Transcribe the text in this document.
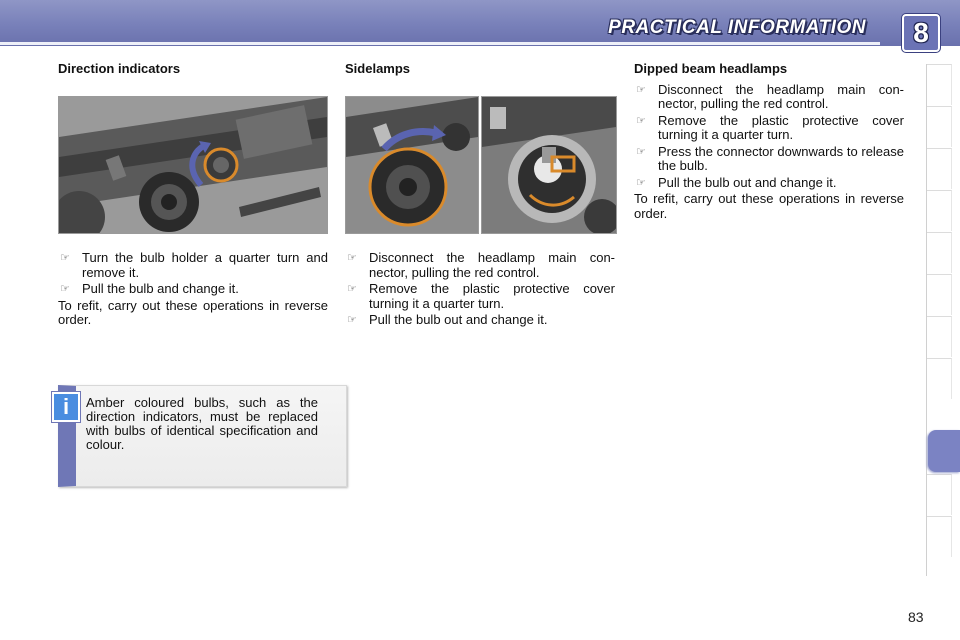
PRACTICAL INFORMATION	8
Direction indicators

☞ Turn the bulb holder a quarter turn and remove it.

☞ Pull the bulb and change it.

To refit, carry out these operations in reverse order.

i	Amber coloured bulbs, such as the direction indicators, must be replaced with bulbs of identical specification and colour.
Sidelamps

☞ Disconnect the headlamp main con-nector, pulling the red control.

☞ Remove the plastic protective cover turning it a quarter turn.

☞ Pull the bulb out and change it.

Dipped beam headlamps

☞ Disconnect the headlamp main con-nector, pulling the red control.

☞ Remove the plastic protective cover turning it a quarter turn.

☞ Press the connector downwards to release the bulb.

☞ Pull the bulb out and change it.

To refit, carry out these operations in reverse order.

83
